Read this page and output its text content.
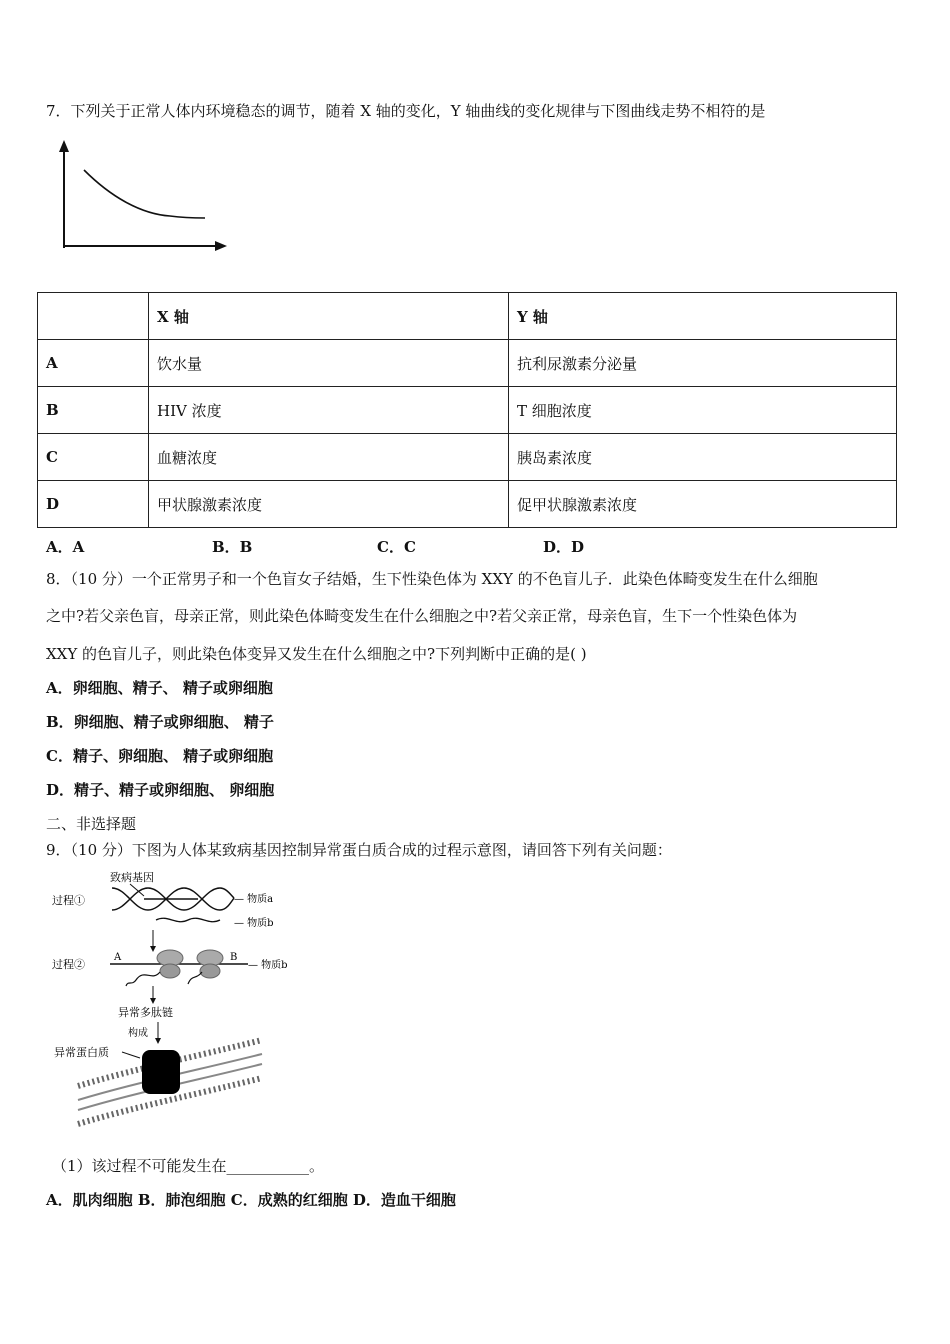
7．下列关于正常人体内环境稳态的调节，随着 X 轴的变化，Y 轴曲线的变化规律与下图曲线走势不相符的是
	X 轴	Y 轴
A	饮水量	抗利尿激素分泌量
B	HIV 浓度	T 细胞浓度
C	血糖浓度	胰岛素浓度
D	甲状腺激素浓度	促甲状腺激素浓度
A．A	B．B	C．C	D．D
8．（10 分）一个正常男子和一个色盲女子结婚，生下性染色体为 XXY 的不色盲儿子．此染色体畸变发生在什么细胞
之中?若父亲色盲，母亲正常，则此染色体畸变发生在什么细胞之中?若父亲正常，母亲色盲，生下一个性染色体为
XXY 的色盲儿子，则此染色体变异又发生在什么细胞之中?下列判断中正确的是( )
A．卵细胞、精子、 精子或卵细胞
B．卵细胞、精子或卵细胞、 精子
C．精子、卵细胞、 精子或卵细胞
D．精子、精子或卵细胞、 卵细胞
二、非选择题
9．（10 分）下图为人体某致病基因控制异常蛋白质合成的过程示意图，请回答下列有关问题：
致病基因
过程①	— 物质a
— 物质b
过程②
A	B
— 物质b
异常多肽链
构成
异常蛋白质
（1）该过程不可能发生在___________。
A．肌肉细胞 B．肺泡细胞 C．成熟的红细胞 D．造血干细胞
